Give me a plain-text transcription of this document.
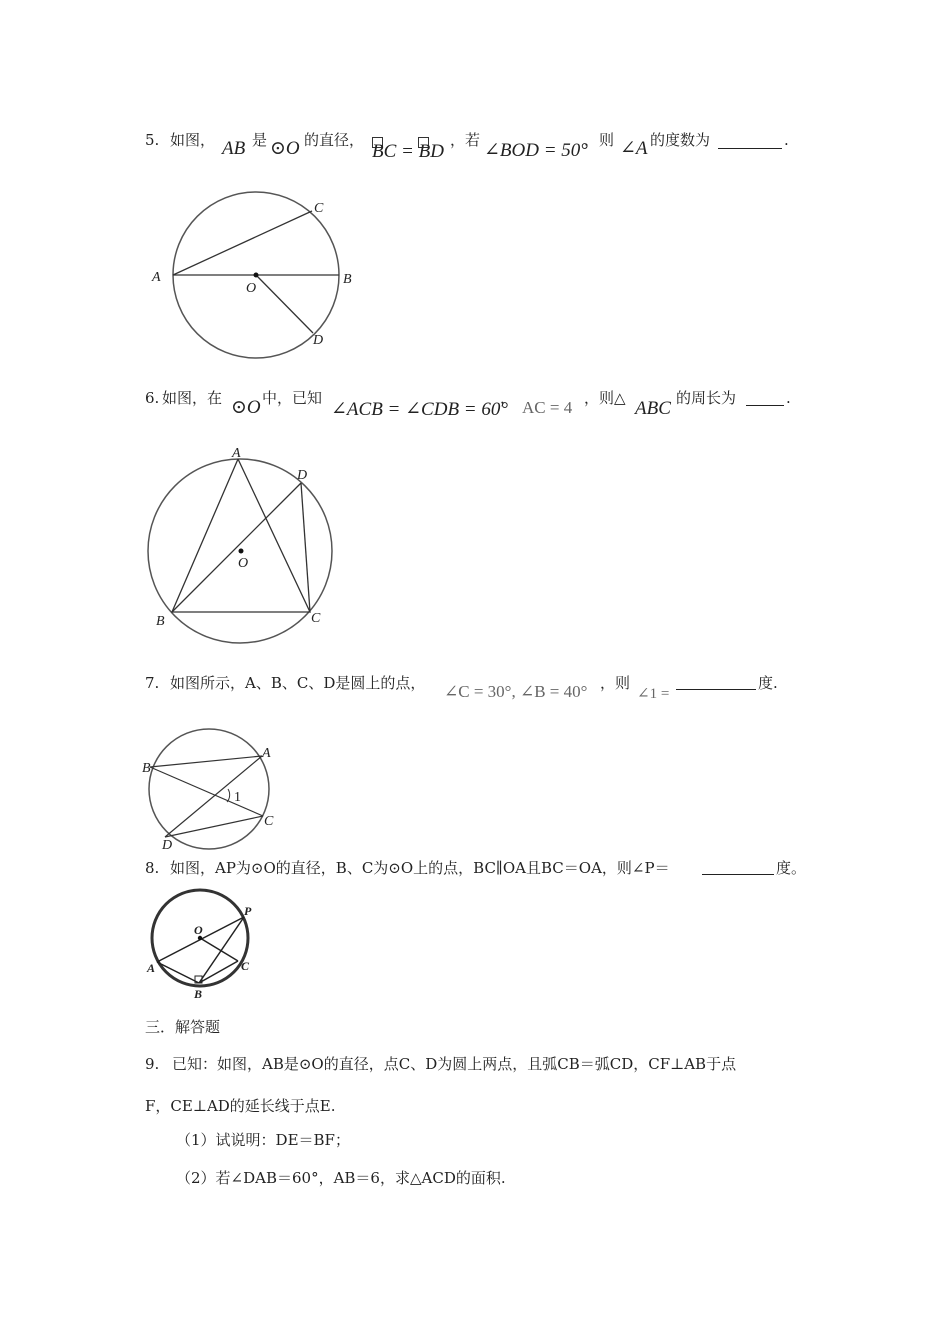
5. 如图， AB 是 ⊙O 的直径，
BC = BD
，若 ∠BOD = 50°
，则 ∠A 的度数为	.
A	B
C
D
O
6. 如图，在 ⊙O 中，已知
∠ACB = ∠CDB = 60°
， AC = 4 ，则△ ABC 的周长为	.
A
B	C
D
O
7. 如图所示，A、B、C、D是圆上的点， ∠C = 30°, ∠B = 40° ，则
∠1 =
度.
A
B
C
D
1
8. 如图，AP为⊙O的直径，B、C为⊙O上的点，BC∥OA且BC＝OA，则∠P＝	度。
A
B
C
O
P
三．解答题
9. 已知：如图，AB是⊙O的直径，点C、D为圆上两点，且弧CB＝弧CD，CF⊥AB于点
F，CE⊥AD的延长线于点E.
（1）试说明：DE＝BF；
（2）若∠DAB＝60°，AB＝6，求△ACD的面积.
